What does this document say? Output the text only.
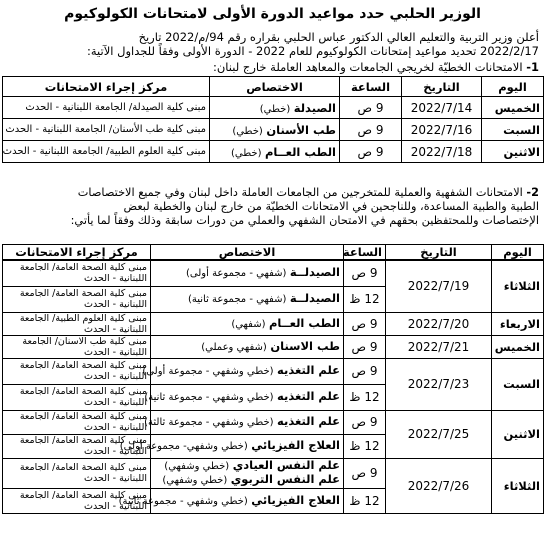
الوزير الحلبي حدد مواعيد الدورة الأولى لامتحانات الكولوكيوم
أعلن وزير التربية والتعليم العالي الدكتور عباس الحلبي بقراره رقم 94/م/2022 تاريخ
2022/2/17 تحديد مواعيد إمتحانات الكولوكيوم للعام 2022 - الدورة الأولى وفقاً للجداول الآتية:
1- الامتحانات الخطيّة لخريجي الجامعات والمعاهد العاملة خارج لبنان:
اليوم	التاريخ	الساعة	الاختصاص	مركز إجراء الامتحانات
الخميس	2022/7/14	9 ص	الصيدلة (خطي)	مبنى كلية الصيدلة/ الجامعة اللبنانية - الحدث
السبت	2022/7/16	9 ص	طب الأسنان (خطي)	مبنى كلية طب الأسنان/ الجامعة اللبنانية - الحدث
الاثنين	2022/7/18	9 ص	الطب العــام (خطي)	مبنى كلية العلوم الطبية/ الجامعة اللبنانية - الحدث
2- الامتحانات الشفهية والعملية للمتخرجين من الجامعات العاملة داخل لبنان وفي جميع الاختصاصات
الطبية والطبية المساعدة، وللناجحين في الامتحانات الخطيّة من خارج لبنان والخطية لبعض
الإختصاصات وللمحتفظين بحقهم في الامتحان الشفهي والعملي من دورات سابقة وذلك وفقاً لما يأتي:
اليوم	التاريخ	الساعة	الاختصاص	مركز إجراء الامتحانات
الثلاثاء	2022/7/19	9 ص	الصيدلــة (شفهي - مجموعة أولى)	مبنى كلية الصحة العامة/ الجامعة اللبنانية - الحدث
		12 ظ	الصيدلــة (شفهي - مجموعة ثانية)	مبنى كلية الصحة العامة/ الجامعة اللبنانية - الحدث
الاربعاء	2022/7/20	9 ص	الطب العــام (شفهي)	مبنى كلية العلوم الطبية/ الجامعة اللبنانية - الحدث
الخميس	2022/7/21	9 ص	طب الاسنان (شفهي وعملي)	مبنى كلية طب الاسنان/ الجامعة اللبنانية - الحدث
السبت	2022/7/23	9 ص	علم التغذيه (خطي وشفهي - مجموعة أولى)	مبنى كلية الصحة العامة/ الجامعة اللبنانية - الحدث
		12 ظ	علم التغذيه (خطي وشفهي - مجموعة ثانية)	مبنى كلية الصحة العامة/ الجامعة اللبنانية - الحدث
الاثنين	2022/7/25	9 ص	علم التغذيه (خطي وشفهي - مجموعة ثالثة)	مبنى كلية الصحة العامة/ الجامعة اللبنانية - الحدث
		12 ظ	العلاج الفيزيائي (خطي وشفهي- مجموعة أولى)	مبنى كلية الصحة العامة/ الجامعة اللبنانية - الحدث
الثلاثاء	2022/7/26	9 ص	علم النفس العيادي (خطي وشفهي)
علم النفس التربوي (خطي وشفهي)	مبنى كلية الصحة العامة/ الجامعة اللبنانية - الحدث
		12 ظ	العلاج الفيزيائي (خطي وشفهي - مجموعة ثانية)	مبنى كلية الصحة العامة/ الجامعة اللبنانية - الحدث
